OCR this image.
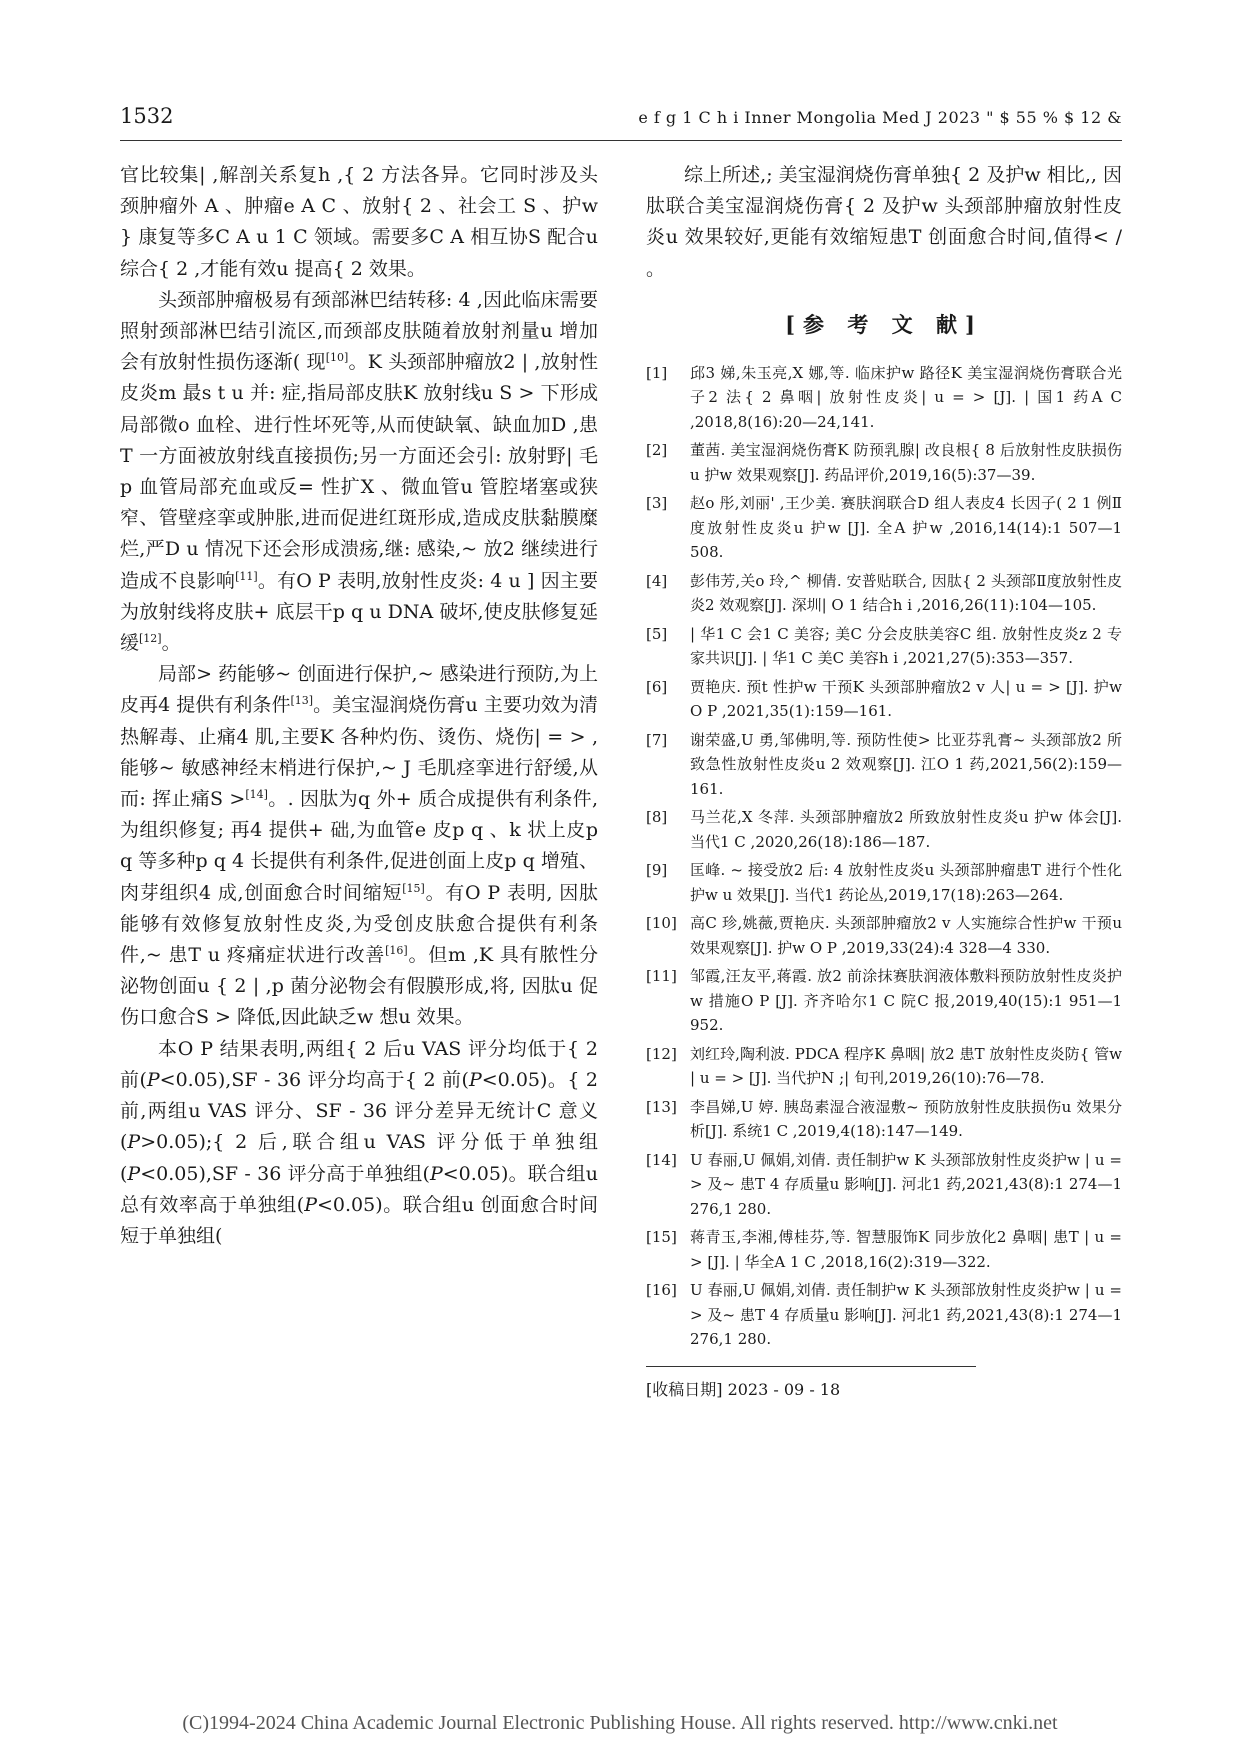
1532	e f g 1 C h i Inner Mongolia Med J 2023 " $ 55 % $ 12 &

官比较集| ,解剖关系复h ,{ 2 方法各异。它同时涉及头颈肿瘤外 A 、肿瘤e A C 、放射{ 2 、社会工 S 、护w } 康复等多C A u 1 C 领域。需要多C A 相互协S 配合u 综合{ 2 ,才能有效u 提高{ 2 效果。

头颈部肿瘤极易有颈部淋巴结转移: 4 ,因此临床需要照射颈部淋巴结引流区,而颈部皮肤随着放射剂量u 增加会有放射性损伤逐渐( 现[10]。K 头颈部肿瘤放2 | ,放射性皮炎m 最s t u 并: 症,指局部皮肤K 放射线u S > 下形成局部微o 血栓、进行性坏死等,从而使缺氧、缺血加D ,患T 一方面被放射线直接损伤;另一方面还会引: 放射野| 毛 p 血管局部充血或反= 性扩X 、微血管u 管腔堵塞或狭窄、管壁痉挛或肿胀,进而促进红斑形成,造成皮肤黏膜糜烂,严D u 情况下还会形成溃疡,继: 感染,~ 放2 继续进行造成不良影响[11]。有O P 表明,放射性皮炎: 4 u ] 因主要为放射线将皮肤+ 底层干p q u DNA 破坏,使皮肤修复延缓[12]。

局部> 药能够~ 创面进行保护,~ 感染进行预防,为上皮再4 提供有利条件[13]。美宝湿润烧伤膏u 主要功效为清热解毒、止痛4 肌,主要K 各种灼伤、烫伤、烧伤| = > ,能够~ 敏感神经末梢进行保护,~ J 毛肌痉挛进行舒缓,从而: 挥止痛S >[14]。. 因肽为q 外+ 质合成提供有利条件,为组织修复; 再4 提供+ 础,为血管e 皮p q 、k 状上皮p q 等多种p q 4 长提供有利条件,促进创面上皮p q 增殖、肉芽组织4 成,创面愈合时间缩短[15]。有O P 表明, 因肽能够有效修复放射性皮炎,为受创皮肤愈合提供有利条件,~ 患T u 疼痛症状进行改善[16]。但m ,K 具有脓性分泌物创面u { 2 | ,p 菌分泌物会有假膜形成,将, 因肽u 促伤口愈合S > 降低,因此缺乏w 想u 效果。

本O P 结果表明,两组{ 2 后u VAS 评分均低于{ 2 前(P<0.05),SF - 36 评分均高于{ 2 前(P<0.05)。{ 2 前,两组u VAS 评分、SF - 36 评分差异无统计C 意义(P>0.05);{ 2 后,联合组u VAS 评分低于单独组(P<0.05),SF - 36 评分高于单独组(P<0.05)。联合组u 总有效率高于单独组(P<0.05)。联合组u 创面愈合时间短于单独组(

综上所述,; 美宝湿润烧伤膏单独{ 2 及护w 相比,, 因肽联合美宝湿润烧伤膏{ 2 及护w 头颈部肿瘤放射性皮炎u 效果较好,更能有效缩短患T 创面愈合时间,值得< / 。

[参 考 文 献]
[1]	邱3 娣,朱玉亮,X 娜,等. 临床护w 路径K 美宝湿润烧伤膏联合光子2 法{ 2 鼻咽| 放射性皮炎| u = > [J]. | 国1 药A C ,2018,8(16):20—24,141.
[2]	董茜. 美宝湿润烧伤膏K 防预乳腺| 改良根{ 8 后放射性皮肤损伤u 护w 效果观察[J]. 药品评价,2019,16(5):37—39.
[3]	赵o 彤,刘丽' ,王少美. 赛肤润联合D 组人表皮4 长因子( 2 1 例Ⅱ度放射性皮炎u 护w [J]. 全A 护w ,2016,14(14):1 507—1 508.
[4]	彭伟芳,关o 玲,^ 柳倩. 安普贴联合, 因肽{ 2 头颈部Ⅱ度放射性皮炎2 效观察[J]. 深圳| O 1 结合h i ,2016,26(11):104—105.
[5]	| 华1 C 会1 C 美容; 美C 分会皮肤美容C 组. 放射性皮炎z 2 专家共识[J]. | 华1 C 美C 美容h i ,2021,27(5):353—357.
[6]	贾艳庆. 预t 性护w 干预K 头颈部肿瘤放2 v 人| u = > [J]. 护w O P ,2021,35(1):159—161.
[7]	谢荣盛,U 勇,邹佛明,等. 预防性使> 比亚芬乳膏~ 头颈部放2 所致急性放射性皮炎u 2 效观察[J]. 江O 1 药,2021,56(2):159—161.
[8]	马兰花,X 冬萍. 头颈部肿瘤放2 所致放射性皮炎u 护w 体会[J]. 当代1 C ,2020,26(18):186—187.
[9]	匡峰. ~ 接受放2 后: 4 放射性皮炎u 头颈部肿瘤患T 进行个性化护w u 效果[J]. 当代1 药论丛,2019,17(18):263—264.
[10] 高C 珍,姚薇,贾艳庆. 头颈部肿瘤放2 v 人实施综合性护w 干预u 效果观察[J]. 护w O P ,2019,33(24):4 328—4 330.
[11] 邹霞,汪友平,蒋霞. 放2 前涂抹赛肤润液体敷料预防放射性皮炎护w 措施O P [J]. 齐齐哈尔1 C 院C 报,2019,40(15):1 951—1 952.
[12] 刘红玲,陶利波. PDCA 程序K 鼻咽| 放2 患T 放射性皮炎防{ 管w | u = > [J]. 当代护N ;| 旬刊,2019,26(10):76—78.
[13] 李昌娣,U 婷. 胰岛素湿合液湿敷~ 预防放射性皮肤损伤u 效果分析[J]. 系统1 C ,2019,4(18):147—149.
[14] U 春丽,U 佩娟,刘倩. 责任制护w K 头颈部放射性皮炎护w | u = > 及~ 患T 4 存质量u 影响[J]. 河北1 药,2021,43(8):1 274—1 276,1 280.
[15] 蒋青玉,李湘,傅桂芬,等. 智慧服饰K 同步放化2 鼻咽| 患T | u = > [J]. | 华全A 1 C ,2018,16(2):319—322.
[16] U 春丽,U 佩娟,刘倩. 责任制护w K 头颈部放射性皮炎护w | u = > 及~ 患T 4 存质量u 影响[J]. 河北1 药,2021,43(8):1 274—1 276,1 280.
[收稿日期] 2023 - 09 - 18
(C)1994-2024 China Academic Journal Electronic Publishing House. All rights reserved. http://www.cnki.net
